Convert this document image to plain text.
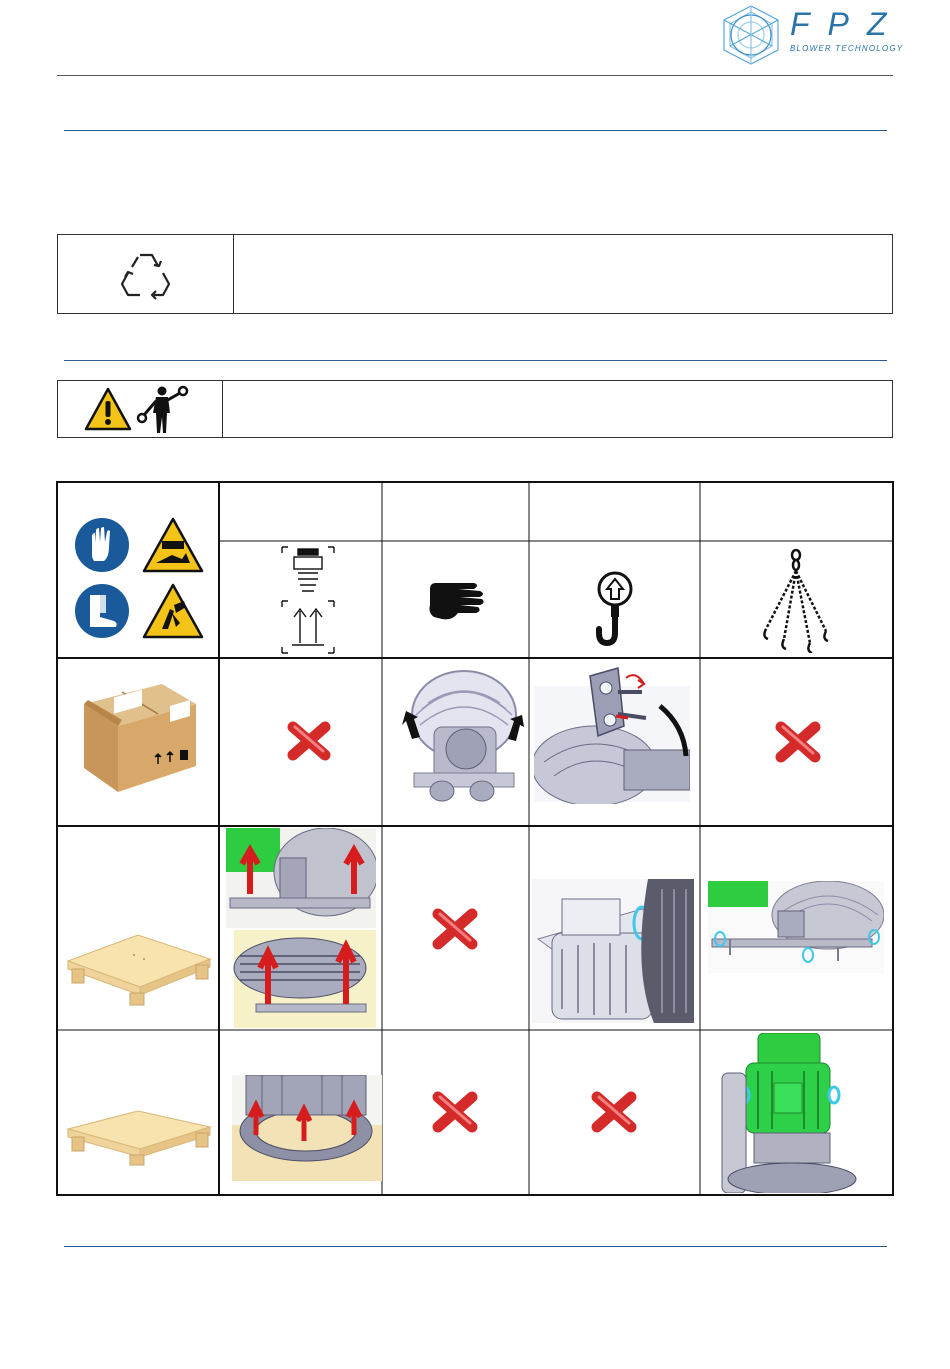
FPZ
BLOWER TECHNOLOGY
